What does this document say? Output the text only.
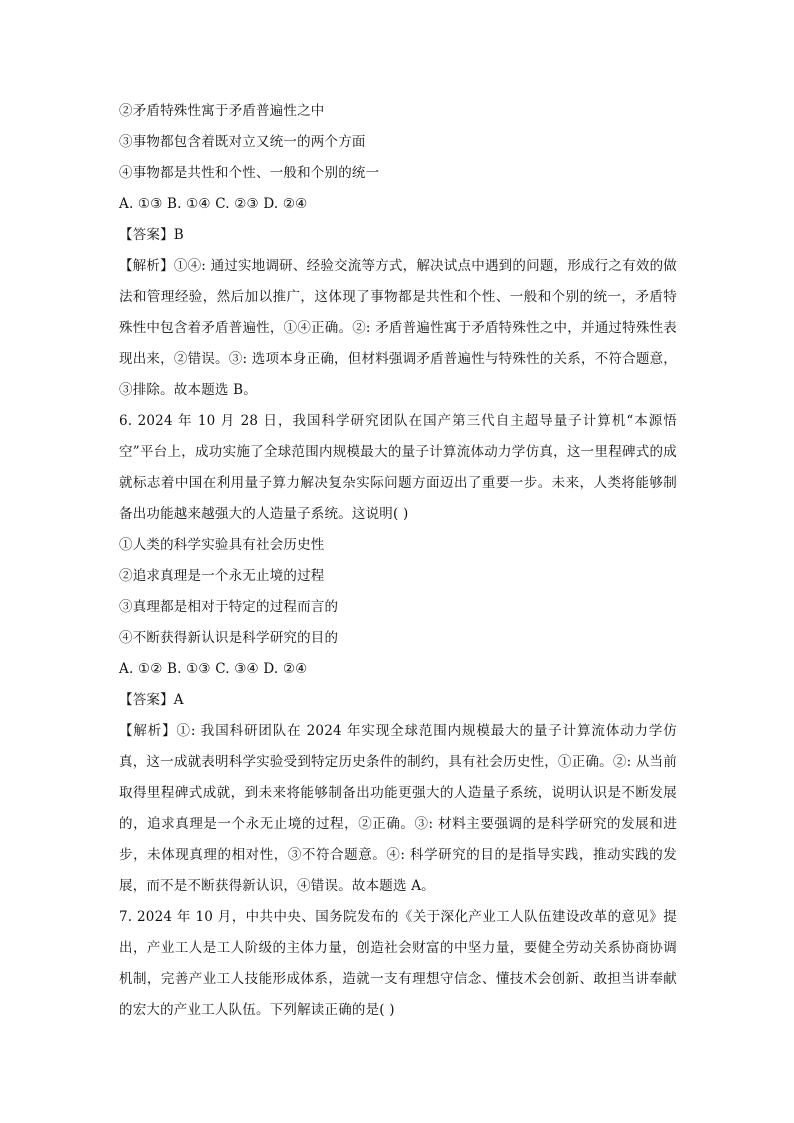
②矛盾特殊性寓于矛盾普遍性之中
③事物都包含着既对立又统一的两个方面
④事物都是共性和个性、一般和个别的统一
A. ①③ B. ①④ C. ②③ D. ②④
【答案】B
【解析】①④: 通过实地调研、经验交流等方式，解决试点中遇到的问题，形成行之有效的做法和管理经验，然后加以推广，这体现了事物都是共性和个性、一般和个别的统一，矛盾特殊性中包含着矛盾普遍性，①④正确。②: 矛盾普遍性寓于矛盾特殊性之中，并通过特殊性表现出来，②错误。③: 选项本身正确，但材料强调矛盾普遍性与特殊性的关系，不符合题意，③排除。故本题选 B。
6. 2024 年 10 月 28 日，我国科学研究团队在国产第三代自主超导量子计算机“本源悟空”平台上，成功实施了全球范围内规模最大的量子计算流体动力学仿真，这一里程碑式的成就标志着中国在利用量子算力解决复杂实际问题方面迈出了重要一步。未来，人类将能够制备出功能越来越强大的人造量子系统。这说明( )
①人类的科学实验具有社会历史性
②追求真理是一个永无止境的过程
③真理都是相对于特定的过程而言的
④不断获得新认识是科学研究的目的
A. ①② B. ①③ C. ③④ D. ②④
【答案】A
【解析】①: 我国科研团队在 2024 年实现全球范围内规模最大的量子计算流体动力学仿真，这一成就表明科学实验受到特定历史条件的制约，具有社会历史性，①正确。②: 从当前取得里程碑式成就，到未来将能够制备出功能更强大的人造量子系统，说明认识是不断发展的，追求真理是一个永无止境的过程，②正确。③: 材料主要强调的是科学研究的发展和进步，未体现真理的相对性，③不符合题意。④: 科学研究的目的是指导实践，推动实践的发展，而不是不断获得新认识，④错误。故本题选 A。
7. 2024 年 10 月，中共中央、国务院发布的《关于深化产业工人队伍建设改革的意见》提出，产业工人是工人阶级的主体力量，创造社会财富的中坚力量，要健全劳动关系协商协调机制，完善产业工人技能形成体系，造就一支有理想守信念、懂技术会创新、敢担当讲奉献的宏大的产业工人队伍。下列解读正确的是( )
